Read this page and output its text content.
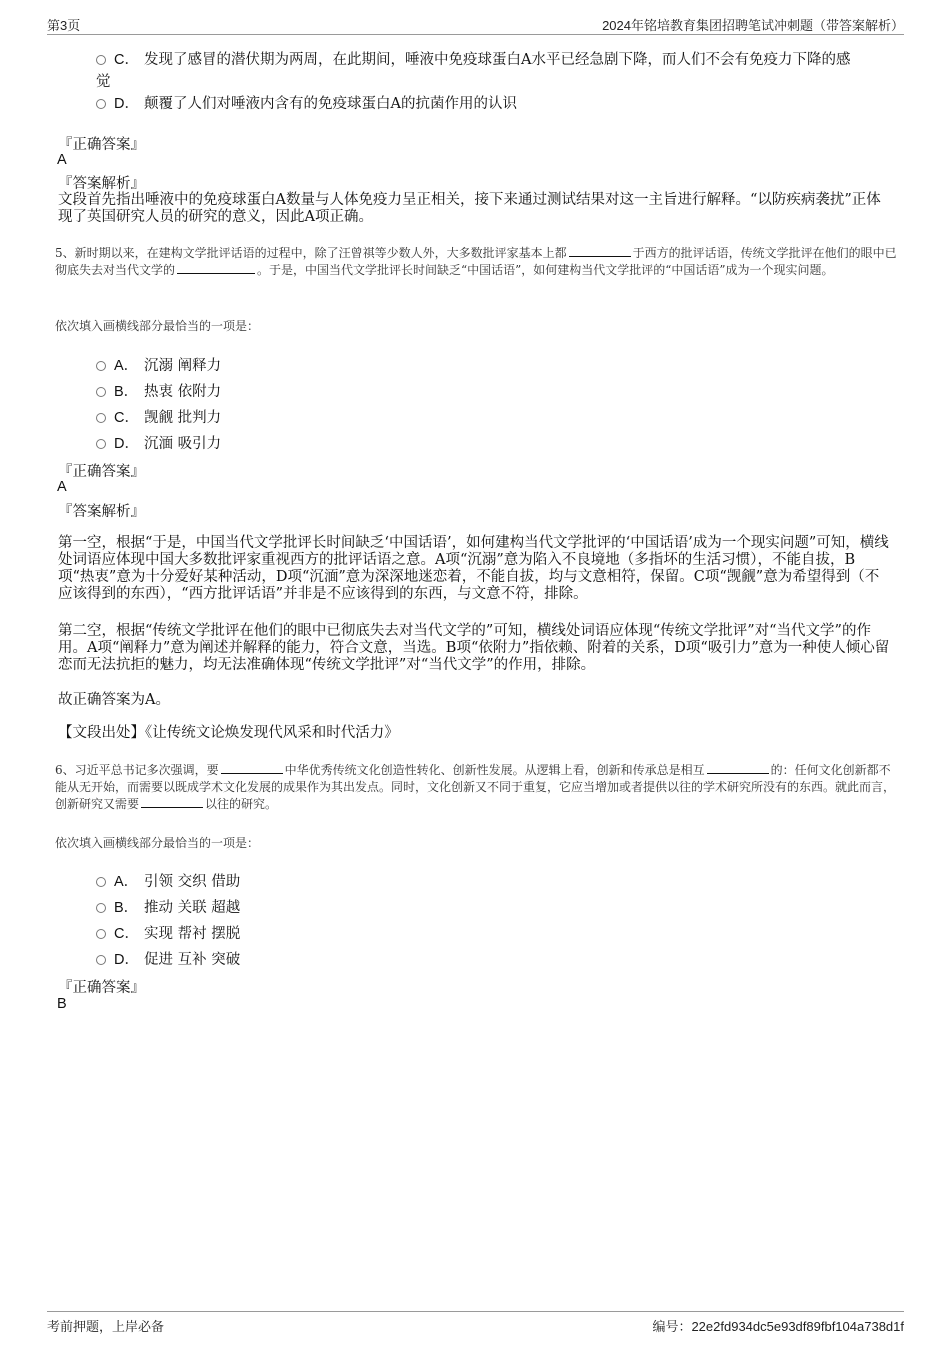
第3页	2024年铭培教育集团招聘笔试冲刺题（带答案解析）
C． 发现了感冒的潜伏期为两周，在此期间，唾液中免疫球蛋白A水平已经急剧下降，而人们不会有免疫力下降的感
觉
D． 颠覆了人们对唾液内含有的免疫球蛋白A的抗菌作用的认识
『正确答案』
A
『答案解析』
文段首先指出唾液中的免疫球蛋白A数量与人体免疫力呈正相关，接下来通过测试结果对这一主旨进行解释。“以防疾病袭扰”正体现了英国研究人员的研究的意义，因此A项正确。
5、新时期以来，在建构文学批评话语的过程中，除了汪曾祺等少数人外，大多数批评家基本上都	于西方的批评话语，传统文学批评在他们的眼中已彻底失去对当代文学的	。于是，中国当代文学批评长时间缺乏“中国话语”，如何建构当代文学批评的“中国话语”成为一个现实问题。
依次填入画横线部分最恰当的一项是：
A． 沉溺 阐释力
B． 热衷 依附力
C． 觊觎 批判力
D． 沉湎 吸引力
『正确答案』
A
『答案解析』
第一空，根据“于是，中国当代文学批评长时间缺乏‘中国话语’，如何建构当代文学批评的‘中国话语’成为一个现实问题”可知，横线处词语应体现中国大多数批评家重视西方的批评话语之意。A项“沉溺”意为陷入不良境地（多指坏的生活习惯），不能自拔，B项“热衷”意为十分爱好某种活动，D项“沉湎”意为深深地迷恋着，不能自拔，均与文意相符，保留。C项“觊觎”意为希望得到（不应该得到的东西），“西方批评话语”并非是不应该得到的东西，与文意不符，排除。
第二空，根据“传统文学批评在他们的眼中已彻底失去对当代文学的”可知，横线处词语应体现“传统文学批评”对“当代文学”的作用。A项“阐释力”意为阐述并解释的能力，符合文意，当选。B项“依附力”指依赖、附着的关系，D项“吸引力”意为一种使人倾心留恋而无法抗拒的魅力，均无法准确体现“传统文学批评”对“当代文学”的作用，排除。
故正确答案为A。
【文段出处】《让传统文论焕发现代风采和时代活力》
6、习近平总书记多次强调，要	中华优秀传统文化创造性转化、创新性发展。从逻辑上看，创新和传承总是相互	的：任何文化创新都不能从无开始，而需要以既成学术文化发展的成果作为其出发点。同时，文化创新又不同于重复，它应当增加或者提供以往的学术研究所没有的东西。就此而言，创新研究又需要	以往的研究。
依次填入画横线部分最恰当的一项是：
A． 引领 交织 借助
B． 推动 关联 超越
C． 实现 帮衬 摆脱
D． 促进 互补 突破
『正确答案』
B
考前押题，上岸必备	编号：22e2fd934dc5e93df89fbf104a738d1f
